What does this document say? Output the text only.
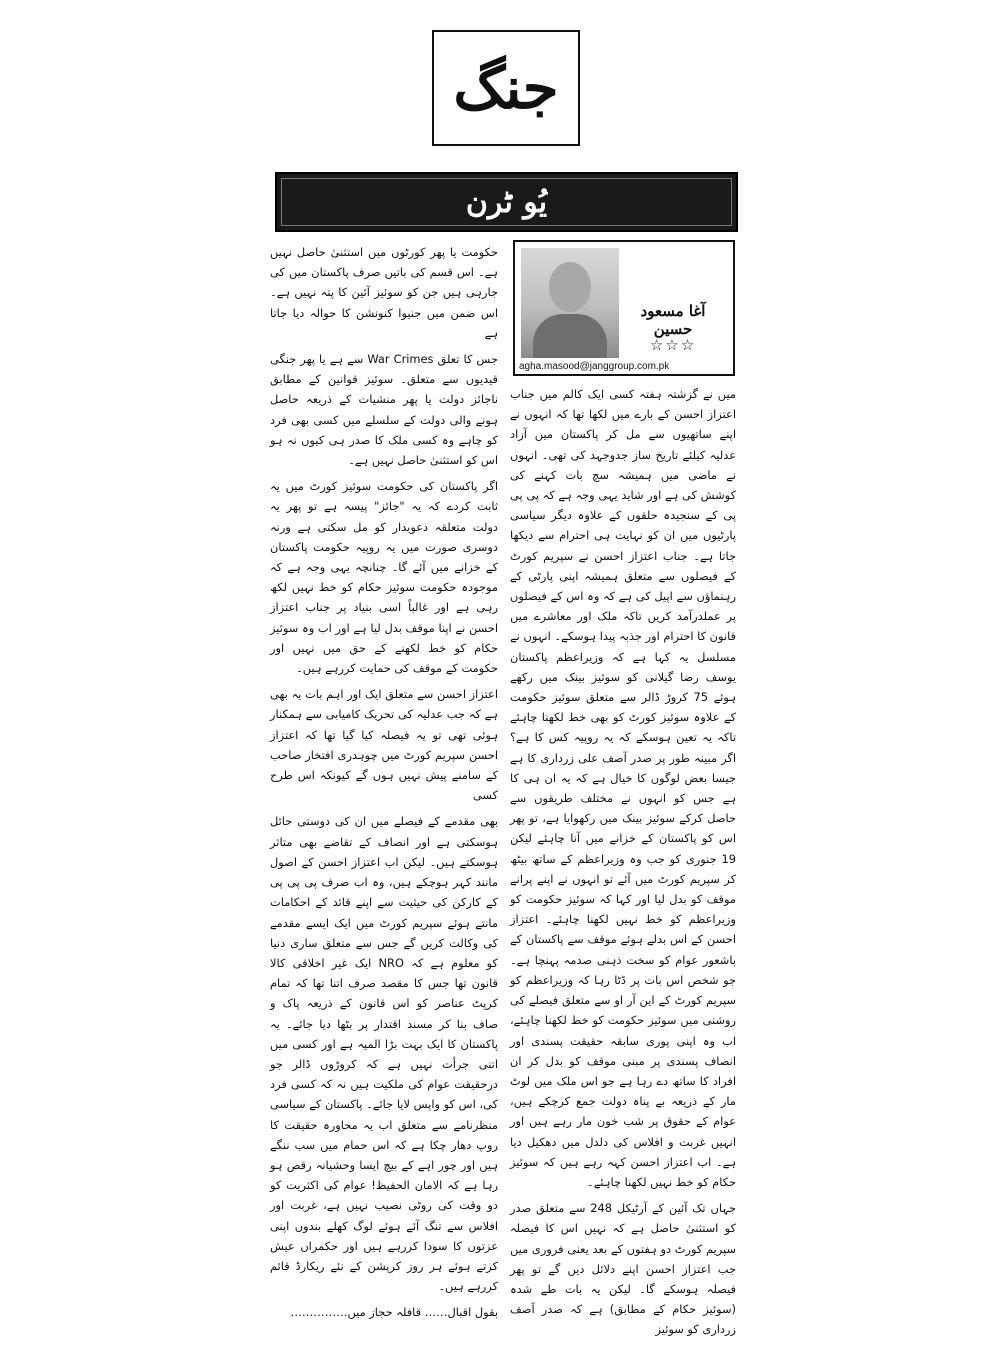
جنگ
یُو ٹرن
آغا مسعود حسین
☆☆☆
agha.masood@janggroup.com.pk

میں نے گزشتہ ہفتہ کسی ایک کالم میں جناب اعتزاز احسن کے بارے میں لکھا تھا کہ انہوں نے اپنے ساتھیوں سے مل کر پاکستان میں آزاد عدلیہ کیلئے تاریخ ساز جدوجہد کی تھی۔ انہوں نے ماضی میں ہمیشہ سچ بات کہنے کی کوشش کی ہے اور شاید یہی وجہ ہے کہ پی پی پی کے سنجیدہ حلقوں کے علاوہ دیگر سیاسی پارٹیوں میں ان کو نہایت ہی احترام سے دیکھا جاتا ہے۔ جناب اعتزاز احسن نے سپریم کورٹ کے فیصلوں سے متعلق ہمیشہ اپنی پارٹی کے رہنماؤں سے اپیل کی ہے کہ وہ اس کے فیصلوں پر عملدرآمد کریں تاکہ ملک اور معاشرے میں قانون کا احترام اور جذبہ پیدا ہوسکے۔ انہوں نے مسلسل یہ کہا ہے کہ وزیراعظم پاکستان یوسف رضا گیلانی کو سوئیز بینک میں رکھے ہوئے 75 کروڑ ڈالر سے متعلق سوئیز حکومت کے علاوہ سوئیز کورٹ کو بھی خط لکھنا چاہئے تاکہ یہ تعین ہوسکے کہ یہ روپیہ کس کا ہے؟ اگر مبینہ طور پر صدر آصف علی زرداری کا ہے جیسا بعض لوگوں کا خیال ہے کہ یہ ان ہی کا ہے جس کو انہوں نے مختلف طریقوں سے حاصل کرکے سوئیز بینک میں رکھوایا ہے، تو پھر اس کو پاکستان کے خزانے میں آنا چاہئے لیکن 19 جنوری کو جب وہ وزیراعظم کے ساتھ بیٹھ کر سپریم کورٹ میں آئے تو انہوں نے اپنے پرانے موقف کو بدل لیا اور کہا کہ سوئیز حکومت کو وزیراعظم کو خط نہیں لکھنا چاہئے۔ اعتزاز احسن کے اس بدلے ہوئے موقف سے پاکستان کے باشعور عوام کو سخت ذہنی صدمہ پہنچا ہے۔ جو شخص اس بات پر ڈٹا رہا کہ وزیراعظم کو سپریم کورٹ کے این آر او سے متعلق فیصلے کی روشنی میں سوئیز حکومت کو خط لکھنا چاہئے، اب وہ اپنی پوری سابقہ حقیقت پسندی اور انصاف پسندی پر مبنی موقف کو بدل کر ان افراد کا ساتھ دے رہا ہے جو اس ملک میں لوٹ مار کے ذریعہ بے پناہ دولت جمع کرچکے ہیں، عوام کے حقوق پر شب خون مار رہے ہیں اور انہیں غربت و افلاس کی دلدل میں دھکیل دیا ہے۔ اب اعتزاز احسن کہہ رہے ہیں کہ سوئیز حکام کو خط نہیں لکھنا چاہئے۔

جہاں تک آئین کے آرٹیکل 248 سے متعلق صدر کو استثنیٰ حاصل ہے کہ نہیں اس کا فیصلہ سپریم کورٹ دو ہفتوں کے بعد یعنی فروری میں جب اعتزاز احسن اپنے دلائل دیں گے تو پھر فیصلہ ہوسکے گا۔ لیکن یہ بات طے شدہ (سوئیز حکام کے مطابق) ہے کہ صدر آصف زرداری کو سوئیز

حکومت یا پھر کورٹوں میں استثنیٰ حاصل نہیں ہے۔ اس قسم کی باتیں صرف پاکستان میں کی جارہی ہیں جن کو سوئیز آئین کا پتہ نہیں ہے۔ اس ضمن میں جنیوا کنونشن کا حوالہ دیا جاتا ہے

جس کا تعلق War Crimes سے ہے یا پھر جنگی قیدیوں سے متعلق۔ سوئیز قوانین کے مطابق ناجائز دولت یا پھر منشیات کے ذریعہ حاصل ہونے والی دولت کے سلسلے میں کسی بھی فرد کو چاہے وہ کسی ملک کا صدر ہی کیوں نہ ہو اس کو استثنیٰ حاصل نہیں ہے۔

اگر پاکستان کی حکومت سوئیز کورٹ میں یہ ثابت کردے کہ یہ "جائز" پیسہ ہے تو پھر یہ دولت متعلقہ دعویدار کو مل سکتی ہے ورنہ دوسری صورت میں یہ روپیہ حکومت پاکستان کے خزانے میں آئے گا۔ چنانچہ یہی وجہ ہے کہ موجودہ حکومت سوئیز حکام کو خط نہیں لکھ رہی ہے اور غالباً اسی بنیاد پر جناب اعتزاز احسن نے اپنا موقف بدل لیا ہے اور اب وہ سوئیز حکام کو خط لکھنے کے حق میں نہیں اور حکومت کے موقف کی حمایت کررہے ہیں۔

اعتزاز احسن سے متعلق ایک اور اہم بات یہ بھی ہے کہ جب عدلیہ کی تحریک کامیابی سے ہمکنار ہوئی تھی تو یہ فیصلہ کیا گیا تھا کہ اعتزاز احسن سپریم کورٹ میں چوہدری افتخار صاحب کے سامنے پیش نہیں ہوں گے کیونکہ اس طرح کسی

بھی مقدمے کے فیصلے میں ان کی دوستی حائل ہوسکتی ہے اور انصاف کے تقاضے بھی متاثر ہوسکتے ہیں۔ لیکن اب اعتزاز احسن کے اصول مانند کہر ہوچکے ہیں، وہ اب صرف پی پی پی کے کارکن کی حیثیت سے اپنے قائد کے احکامات مانتے ہوئے سپریم کورٹ میں ایک ایسے مقدمے کی وکالت کریں گے جس سے متعلق ساری دنیا کو معلوم ہے کہ NRO ایک غیر اخلاقی کالا قانون تھا جس کا مقصد صرف اتنا تھا کہ تمام کرپٹ عناصر کو اس قانون کے ذریعہ پاک و صاف بنا کر مسند اقتدار پر بٹھا دیا جائے۔ یہ پاکستان کا ایک بہت بڑا المیہ ہے اور کسی میں اتنی جرأت نہیں ہے کہ کروڑوں ڈالر جو درحقیقت عوام کی ملکیت ہیں نہ کہ کسی فرد کی، اس کو واپس لایا جائے۔ پاکستان کے سیاسی منظرنامے سے متعلق اب یہ محاورہ حقیقت کا روپ دھار چکا ہے کہ اس حمام میں سب ننگے ہیں اور چور اہے کے بیچ ایسا وحشیانہ رقص ہو رہا ہے کہ الامان الحفیظ! عوام کی اکثریت کو دو وقت کی روٹی نصیب نہیں ہے، غربت اور افلاس سے تنگ آئے ہوئے لوگ کھلے بندوں اپنی عزتوں کا سودا کررہے ہیں اور حکمراں عیش کرتے ہوئے ہر روز کرپشن کے نئے ریکارڈ قائم کررہے ہیں۔

بقول اقبال…… قافلہ حجاز میں……………
